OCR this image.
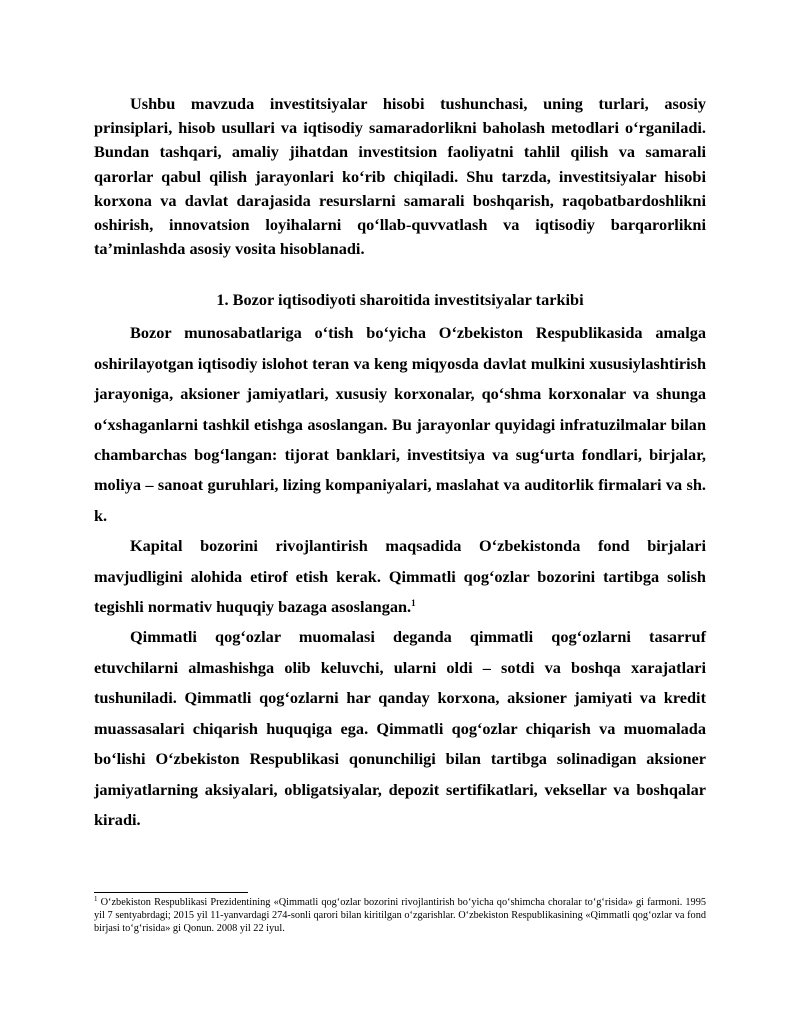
Ushbu mavzuda investitsiyalar hisobi tushunchasi, uning turlari, asosiy prinsiplari, hisob usullari va iqtisodiy samaradorlikni baholash metodlari o‘rganiladi. Bundan tashqari, amaliy jihatdan investitsion faoliyatni tahlil qilish va samarali qarorlar qabul qilish jarayonlari ko‘rib chiqiladi. Shu tarzda, investitsiyalar hisobi korxona va davlat darajasida resurslarni samarali boshqarish, raqobatbardoshlikni oshirish, innovatsion loyihalarni qo‘llab-quvvatlash va iqtisodiy barqarorlikni ta’minlashda asosiy vosita hisoblanadi.

1. Bozor iqtisodiyoti sharoitida investitsiyalar tarkibi

Bozor munosabatlariga o‘tish bo‘yicha O‘zbekiston Respublikasida amalga oshirilayotgan iqtisodiy islohot teran va keng miqyosda davlat mulkini xususiylashtirish jarayoniga, aksioner jamiyatlari, xususiy korxonalar, qo‘shma korxonalar va shunga o‘xshaganlarni tashkil etishga asoslangan. Bu jarayonlar quyidagi infratuzilmalar bilan chambarchas bog‘langan: tijorat banklari, investitsiya va sug‘urta fondlari, birjalar, moliya – sanoat guruhlari, lizing kompaniyalari, maslahat va auditorlik firmalari va sh. k.

Kapital bozorini rivojlantirish maqsadida O‘zbekistonda fond birjalari mavjudligini alohida etirof etish kerak. Qimmatli qog‘ozlar bozorini tartibga solish tegishli normativ huquqiy bazaga asoslangan.$^1$

Qimmatli qog‘ozlar muomalasi deganda qimmatli qog‘ozlarni tasarruf etuvchilarni almashishga olib keluvchi, ularni oldi – sotdi va boshqa xarajatlari tushuniladi. Qimmatli qog‘ozlarni har qanday korxona, aksioner jamiyati va kredit muassasalari chiqarish huquqiga ega. Qimmatli qog‘ozlar chiqarish va muomalada bo‘lishi O‘zbekiston Respublikasi qonunchiligi bilan tartibga solinadigan aksioner jamiyatlarning aksiyalari, obligatsiyalar, depozit sertifikatlari, veksellar va boshqalar kiradi.

$^1$ O‘zbekiston Respublikasi Prezidentining «Qimmatli qog‘ozlar bozorini rivojlantirish bo‘yicha qo‘shimcha choralar to‘g‘risida» gi farmoni. 1995 yil 7 sentyabrdagi; 2015 yil 11-yanvardagi 274-sonli qarori bilan kiritilgan o‘zgarishlar. O‘zbekiston Respublikasining «Qimmatli qog‘ozlar va fond birjasi to‘g‘risida» gi Qonun. 2008 yil 22 iyul.
